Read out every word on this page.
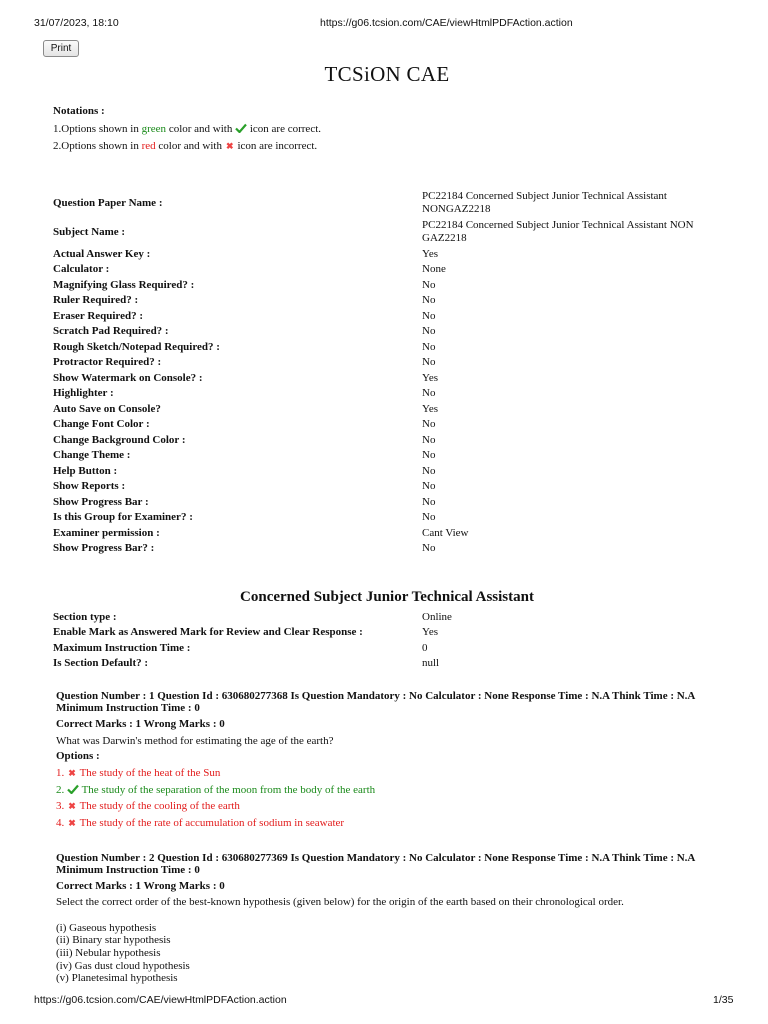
31/07/2023, 18:10	https://g06.tcsion.com/CAE/viewHtmlPDFAction.action
Print
TCSiON CAE
Notations :
1.Options shown in green color and with  icon are correct.
2.Options shown in red color and with ✖ icon are incorrect.
Question Paper Name :
PC22184 Concerned Subject Junior Technical Assistant NONGAZ2218
Subject Name :
PC22184 Concerned Subject Junior Technical Assistant NON GAZ2218
Actual Answer Key :	Yes
Calculator :	None
Magnifying Glass Required? :	No
Ruler Required? :	No
Eraser Required? :	No
Scratch Pad Required? :	No
Rough Sketch/Notepad Required? :	No
Protractor Required? :	No
Show Watermark on Console? :	Yes
Highlighter :	No
Auto Save on Console?	Yes
Change Font Color :	No
Change Background Color :	No
Change Theme :	No
Help Button :	No
Show Reports :	No
Show Progress Bar :	No
Is this Group for Examiner? :	No
Examiner permission :	Cant View
Show Progress Bar? :	No
Concerned Subject Junior Technical Assistant
Section type :	Online
Enable Mark as Answered Mark for Review and Clear Response :	Yes
Maximum Instruction Time :	0
Is Section Default? :	null
Question Number : 1 Question Id : 630680277368 Is Question Mandatory : No Calculator : None Response Time : N.A Think Time : N.A Minimum Instruction Time : 0
Correct Marks : 1 Wrong Marks : 0
What was Darwin's method for estimating the age of the earth?
Options :
1. ✖ The study of the heat of the Sun
2. The study of the separation of the moon from the body of the earth
3. ✖ The study of the cooling of the earth
4. ✖ The study of the rate of accumulation of sodium in seawater
Question Number : 2 Question Id : 630680277369 Is Question Mandatory : No Calculator : None Response Time : N.A Think Time : N.A Minimum Instruction Time : 0
Correct Marks : 1 Wrong Marks : 0
Select the correct order of the best-known hypothesis (given below) for the origin of the earth based on their chronological order.
(i) Gaseous hypothesis
(ii) Binary star hypothesis
(iii) Nebular hypothesis
(iv) Gas dust cloud hypothesis
(v) Planetesimal hypothesis
https://g06.tcsion.com/CAE/viewHtmlPDFAction.action	1/35
